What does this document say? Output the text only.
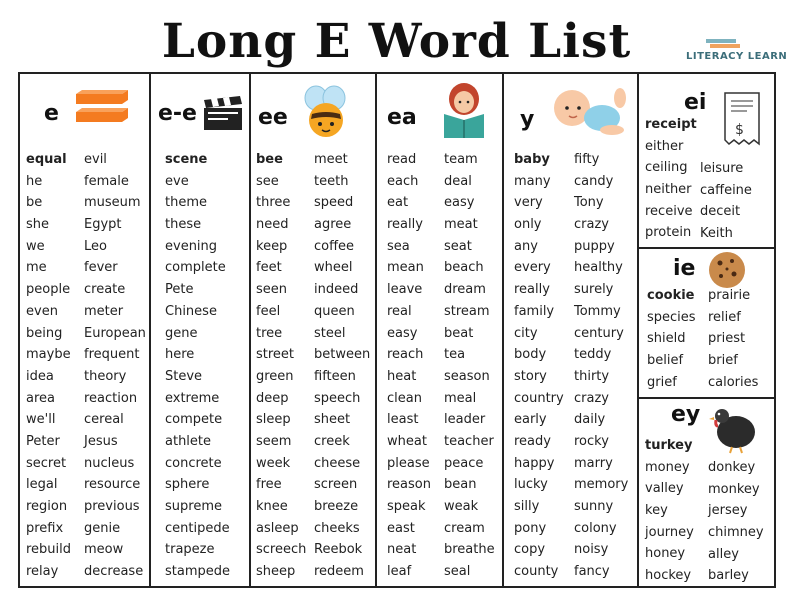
Long E Word List	LITERACY LEARN
e
equal
he
be
she
we
me
people
even
being
maybe
idea
area
we'll
Peter
secret
legal
region
prefix
rebuild
relay
evil
female
museum
Egypt
Leo
fever
create
meter
European
frequent
theory
reaction
cereal
Jesus
nucleus
resource
previous
genie
meow
decrease
e-e
scene
eve
theme
these
evening
complete
Pete
Chinese
gene
here
Steve
extreme
compete
athlete
concrete
sphere
supreme
centipede
trapeze
stampede
ee
bee
see
three
need
keep
feet
seen
feel
tree
street
green
deep
sleep
seem
week
free
knee
asleep
screech
sheep
meet
teeth
speed
agree
coffee
wheel
indeed
queen
steel
between
fifteen
speech
sheet
creek
cheese
screen
breeze
cheeks
Reebok
redeem
ea
read
each
eat
really
sea
mean
leave
real
easy
reach
heat
clean
least
wheat
please
reason
speak
east
neat
leaf
team
deal
easy
meat
seat
beach
dream
stream
beat
tea
season
meal
leader
teacher
peace
bean
weak
cream
breathe
seal
y
baby
many
very
only
any
every
really
family
city
body
story
country
early
ready
happy
lucky
silly
pony
copy
county
fifty
candy
Tony
crazy
puppy
healthy
surely
Tommy
century
teddy
thirty
crazy
daily
rocky
marry
memory
sunny
colony
noisy
fancy
ei
$
receipt
either
ceiling
neither
receive
protein
leisure
caffeine
deceit
Keith
ie
cookie
species
shield
belief
grief
prairie
relief
priest
brief
calories
ey
turkey
money
valley
key
journey
honey
hockey
donkey
monkey
jersey
chimney
alley
barley
